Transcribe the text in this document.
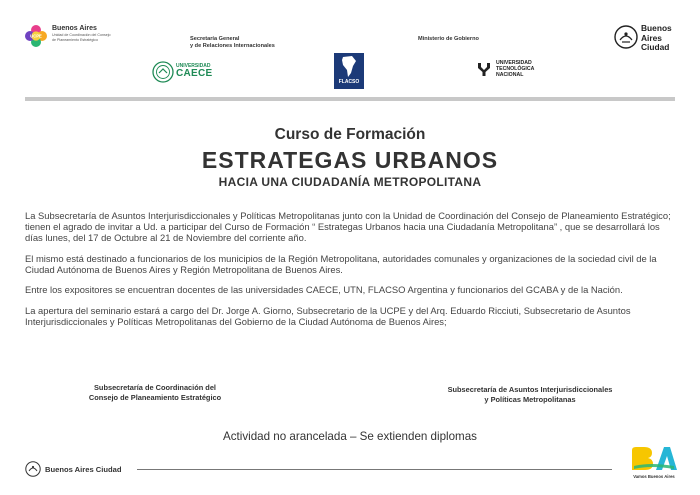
UCPE
Buenos Aires
Unidad de Coordinación del Consejo de Planeamiento Estratégico	Secretaría General
y de Relaciones Internacionales
Ministerio de Gobierno
Buenos
Aires
Ciudad
UNIVERSIDAD
CAECE
FLACSO
UNIVERSIDAD
TECNOLÓGICA
NACIONAL
Curso de Formación
ESTRATEGAS URBANOS
HACIA UNA CIUDADANÍA METROPOLITANA

La Subsecretaría de Asuntos Interjurisdiccionales y Políticas Metropolitanas junto con la Unidad de Coordinación del Consejo de Planeamiento Estratégico; tienen el agrado de invitar a Ud. a participar del Curso de Formación “ Estrategas Urbanos hacia una Ciudadanía Metropolitana” , que se desarrollará los días lunes, del 17 de Octubre al 21 de Noviembre del corriente año.

El mismo está destinado a funcionarios de los municipios de la Región Metropolitana, autoridades comunales y organizaciones de la sociedad civil de la Ciudad Autónoma de Buenos Aires y Región Metropolitana de Buenos Aires.

Entre los expositores se encuentran docentes de las universidades CAECE, UTN, FLACSO Argentina y funcionarios del GCABA y de la Nación.

La apertura del seminario estará a cargo del Dr. Jorge A. Giorno, Subsecretario de la UCPE y del Arq. Eduardo Ricciuti, Subsecretario de Asuntos Interjurisdiccionales y Políticas Metropolitanas del Gobierno de la Ciudad Autónoma de Buenos Aires;

Subsecretaría de Coordinación del
Consejo de Planeamiento Estratégico
Subsecretaría de Asuntos Interjurisdiccionales
y Políticas Metropolitanas
Actividad no arancelada – Se extienden diplomas
Buenos Aires Ciudad
Vamos Buenos Aires
